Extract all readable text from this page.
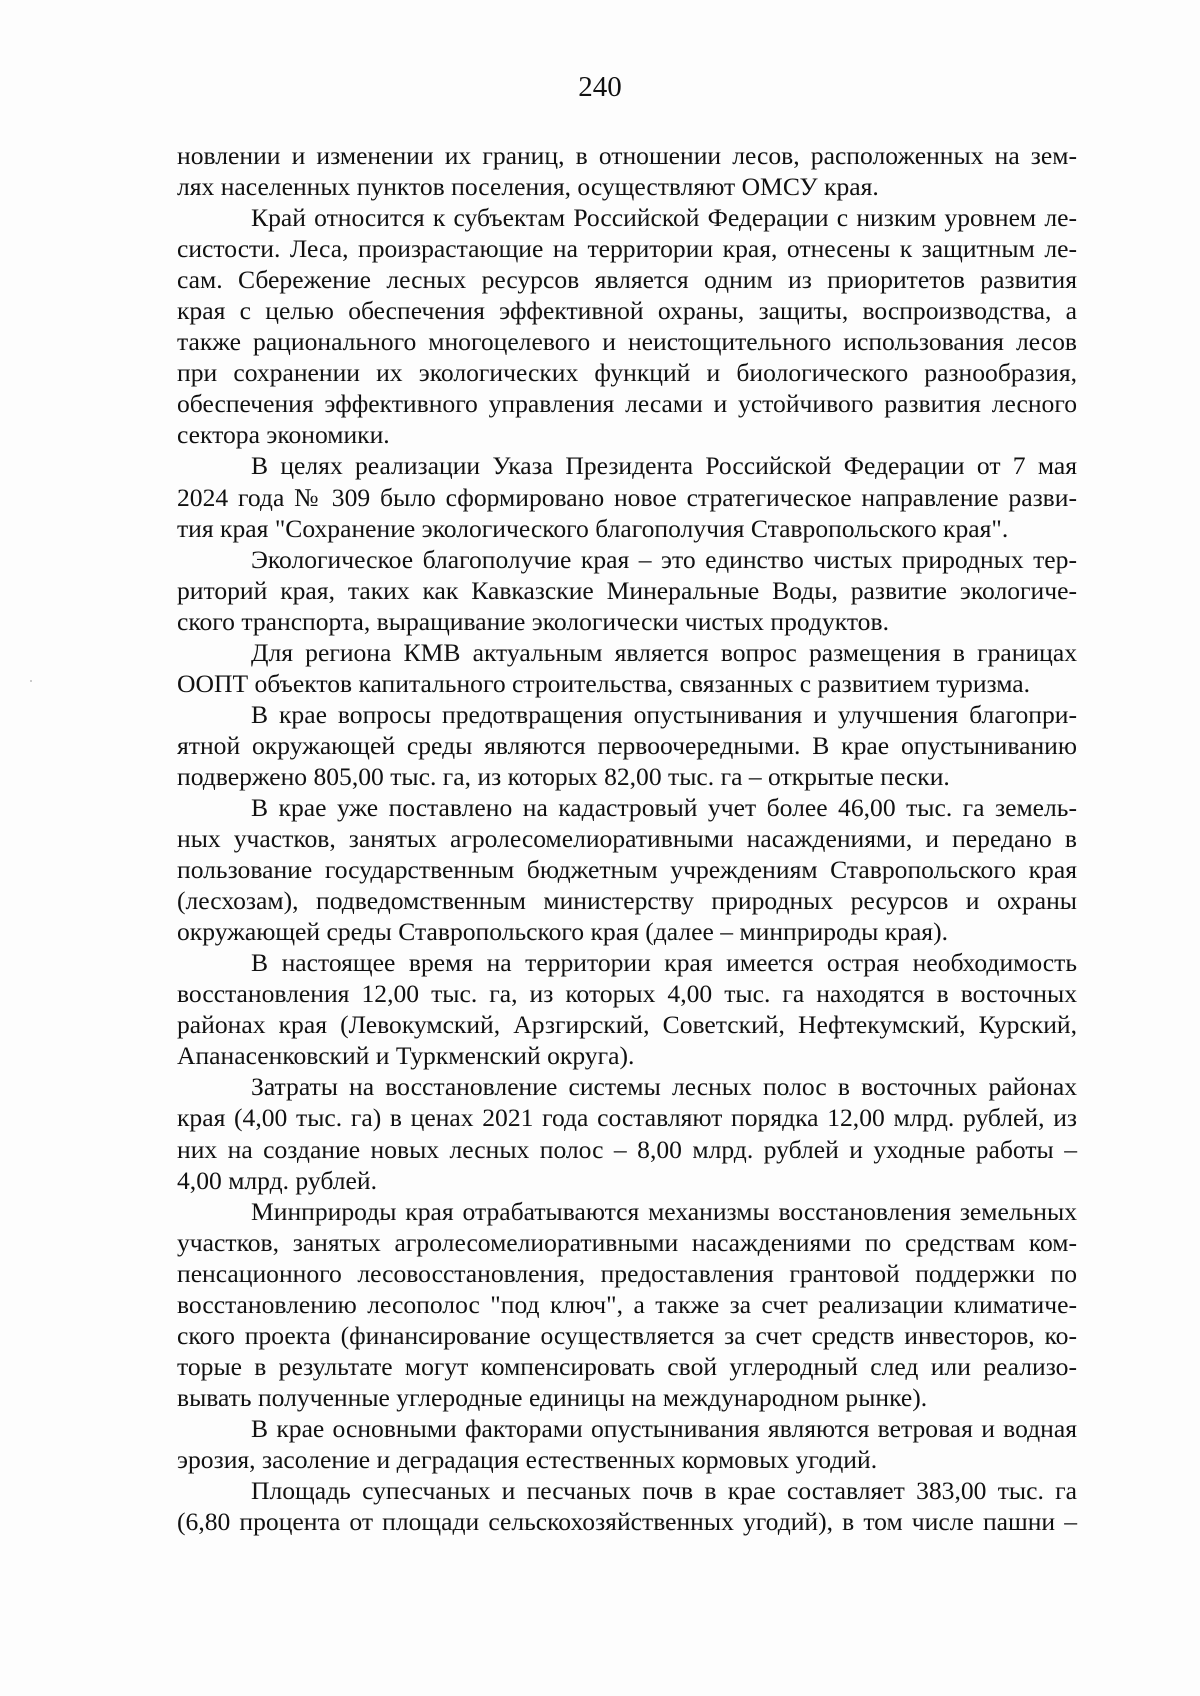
240
новлении и изменении их границ, в отношении лесов, расположенных на зем-
лях населенных пунктов поселения, осуществляют ОМСУ края.
Край относится к субъектам Российской Федерации с низким уровнем ле-
систости. Леса, произрастающие на территории края, отнесены к защитным ле-
сам. Сбережение лесных ресурсов является одним из приоритетов развития
края с целью обеспечения эффективной охраны, защиты, воспроизводства, а
также рационального многоцелевого и неистощительного использования лесов
при сохранении их экологических функций и биологического разнообразия,
обеспечения эффективного управления лесами и устойчивого развития лесного
сектора экономики.
В целях реализации Указа Президента Российской Федерации от 7 мая
2024 года № 309 было сформировано новое стратегическое направление разви-
тия края "Сохранение экологического благополучия Ставропольского края".
Экологическое благополучие края – это единство чистых природных тер-
риторий края, таких как Кавказские Минеральные Воды, развитие экологиче-
ского транспорта, выращивание экологически чистых продуктов.
Для региона КМВ актуальным является вопрос размещения в границах
ООПТ объектов капитального строительства, связанных с развитием туризма.
В крае вопросы предотвращения опустынивания и улучшения благопри-
ятной окружающей среды являются первоочередными. В крае опустыниванию
подвержено 805,00 тыс. га, из которых 82,00 тыс. га – открытые пески.
В крае уже поставлено на кадастровый учет более 46,00 тыс. га земель-
ных участков, занятых агролесомелиоративными насаждениями, и передано в
пользование государственным бюджетным учреждениям Ставропольского края
(лесхозам), подведомственным министерству природных ресурсов и охраны
окружающей среды Ставропольского края (далее – минприроды края).
В настоящее время на территории края имеется острая необходимость
восстановления 12,00 тыс. га, из которых 4,00 тыс. га находятся в восточных
районах края (Левокумский, Арзгирский, Советский, Нефтекумский, Курский,
Апанасенковский и Туркменский округа).
Затраты на восстановление системы лесных полос в восточных районах
края (4,00 тыс. га) в ценах 2021 года составляют порядка 12,00 млрд. рублей, из
них на создание новых лесных полос – 8,00 млрд. рублей и уходные работы –
4,00 млрд. рублей.
Минприроды края отрабатываются механизмы восстановления земельных
участков, занятых агролесомелиоративными насаждениями по средствам ком-
пенсационного лесовосстановления, предоставления грантовой поддержки по
восстановлению лесополос "под ключ", а также за счет реализации климатиче-
ского проекта (финансирование осуществляется за счет средств инвесторов, ко-
торые в результате могут компенсировать свой углеродный след или реализо-
вывать полученные углеродные единицы на международном рынке).
В крае основными факторами опустынивания являются ветровая и водная
эрозия, засоление и деградация естественных кормовых угодий.
Площадь супесчаных и песчаных почв в крае составляет 383,00 тыс. га
(6,80 процента от площади сельскохозяйственных угодий), в том числе пашни –
